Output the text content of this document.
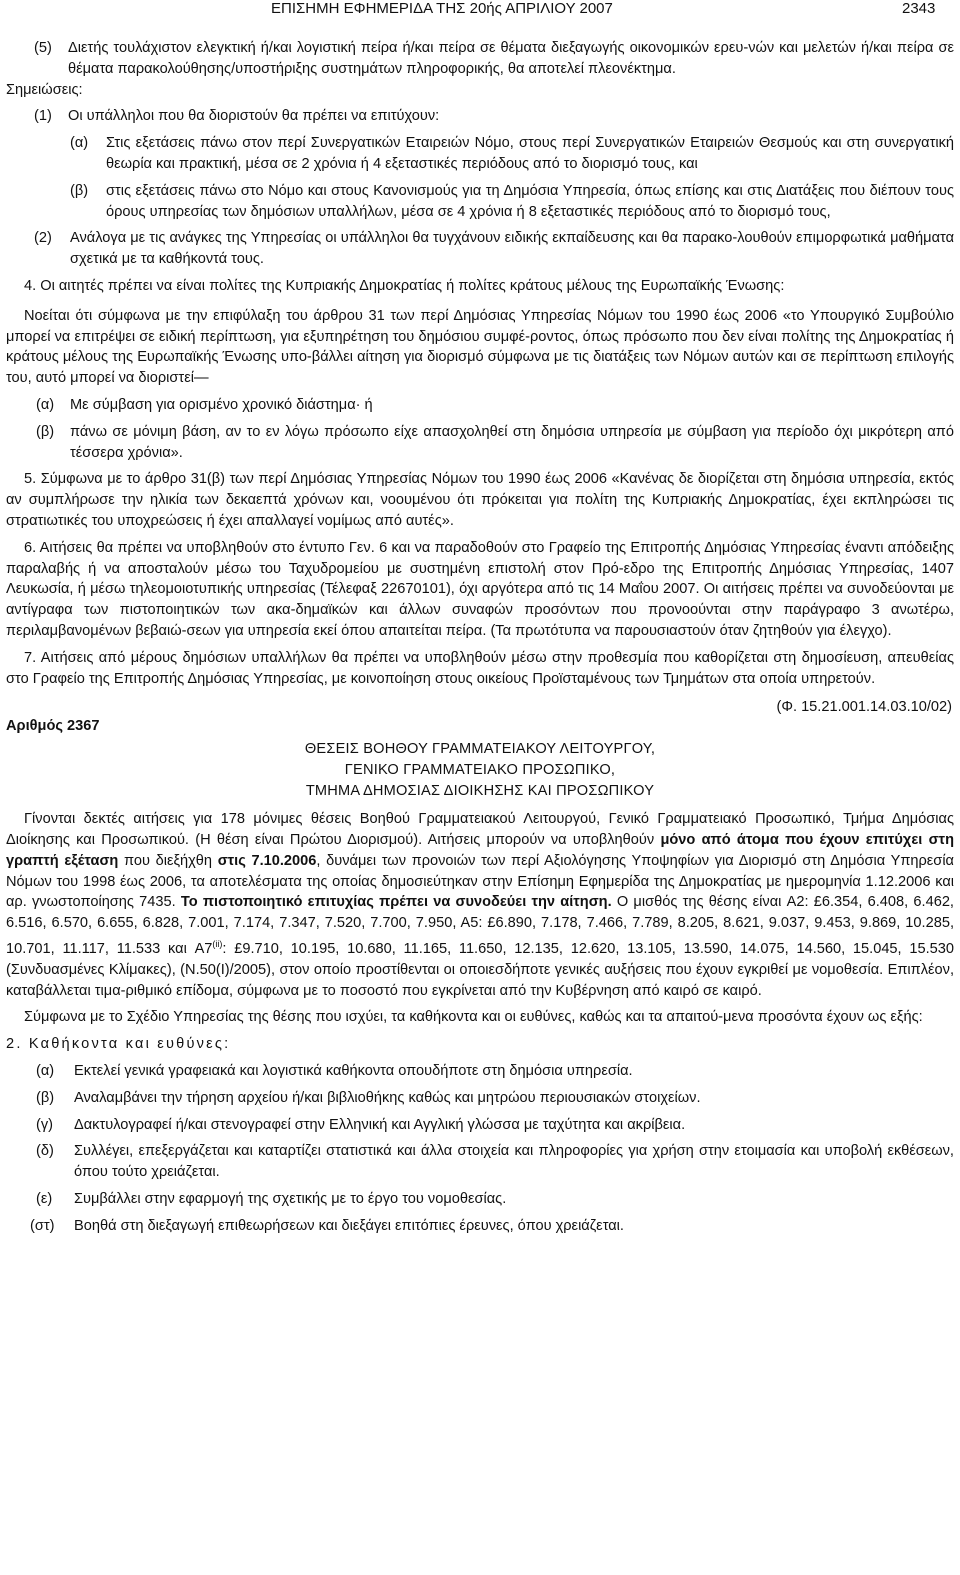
ΕΠΙΣΗΜΗ ΕΦΗΜΕΡΙΔΑ ΤΗΣ 20ής ΑΠΡΙΛΙΟΥ 2007	2343
(5)	Διετής τουλάχιστον ελεγκτική ή/και λογιστική πείρα ή/και πείρα σε θέματα διεξαγωγής οικονομικών ερευ-νών και μελετών ή/και πείρα σε θέματα παρακολούθησης/υποστήριξης συστημάτων πληροφορικής, θα αποτελεί πλεονέκτημα.

Σημειώσεις:

(1)	Οι υπάλληλοι που θα διοριστούν θα πρέπει να επιτύχουν:
(α)	Στις εξετάσεις πάνω στον περί Συνεργατικών Εταιρειών Νόμο, στους περί Συνεργατικών Εταιρειών Θεσμούς και στη συνεργατική θεωρία και πρακτική, μέσα σε 2 χρόνια ή 4 εξεταστικές περιόδους από το διορισμό τους, και
(β)	στις εξετάσεις πάνω στο Νόμο και στους Κανονισμούς για τη Δημόσια Υπηρεσία, όπως επίσης και στις Διατάξεις που διέπουν τους όρους υπηρεσίας των δημόσιων υπαλλήλων, μέσα σε 4 χρόνια ή 8 εξεταστικές περιόδους από το διορισμό τους,
(2)	Ανάλογα με τις ανάγκες της Υπηρεσίας οι υπάλληλοι θα τυγχάνουν ειδικής εκπαίδευσης και θα παρακο-λουθούν επιμορφωτικά μαθήματα σχετικά με τα καθήκοντά τους.

4. Οι αιτητές πρέπει να είναι πολίτες της Κυπριακής Δημοκρατίας ή πολίτες κράτους μέλους της Ευρωπαϊκής Ένωσης:

Νοείται ότι σύμφωνα με την επιφύλαξη του άρθρου 31 των περί Δημόσιας Υπηρεσίας Νόμων του 1990 έως 2006 «το Υπουργικό Συμβούλιο μπορεί να επιτρέψει σε ειδική περίπτωση, για εξυπηρέτηση του δημόσιου συμφέ-ροντος, όπως πρόσωπο που δεν είναι πολίτης της Δημοκρατίας ή κράτους μέλους της Ευρωπαϊκής Ένωσης υπο-βάλλει αίτηση για διορισμό σύμφωνα με τις διατάξεις των Νόμων αυτών και σε περίπτωση επιλογής του, αυτό μπορεί να διοριστεί—

(α)	Με σύμβαση για ορισμένο χρονικό διάστημα· ή
(β)	πάνω σε μόνιμη βάση, αν το εν λόγω πρόσωπο είχε απασχοληθεί στη δημόσια υπηρεσία με σύμβαση για περίοδο όχι μικρότερη από τέσσερα χρόνια».

5. Σύμφωνα με το άρθρο 31(β) των περί Δημόσιας Υπηρεσίας Νόμων του 1990 έως 2006 «Κανένας δε διορίζεται στη δημόσια υπηρεσία, εκτός αν συμπλήρωσε την ηλικία των δεκαεπτά χρόνων και, νοουμένου ότι πρόκειται για πολίτη της Κυπριακής Δημοκρατίας, έχει εκπληρώσει τις στρατιωτικές του υποχρεώσεις ή έχει απαλλαγεί νομίμως από αυτές».

6. Αιτήσεις θα πρέπει να υποβληθούν στο έντυπο Γεν. 6 και να παραδοθούν στο Γραφείο της Επιτροπής Δημόσιας Υπηρεσίας έναντι απόδειξης παραλαβής ή να αποσταλούν μέσω του Ταχυδρομείου με συστημένη επιστολή στον Πρό-εδρο της Επιτροπής Δημόσιας Υπηρεσίας, 1407 Λευκωσία, ή μέσω τηλεομοιοτυπικής υπηρεσίας (Τέλεφαξ 22670101), όχι αργότερα από τις 14 Μαΐου 2007. Οι αιτήσεις πρέπει να συνοδεύονται με αντίγραφα των πιστοποιητικών των ακα-δημαϊκών και άλλων συναφών προσόντων που προνοούνται στην παράγραφο 3 ανωτέρω, περιλαμβανομένων βεβαιώ-σεων για υπηρεσία εκεί όπου απαιτείται πείρα. (Τα πρωτότυπα να παρουσιαστούν όταν ζητηθούν για έλεγχο).

7. Αιτήσεις από μέρους δημόσιων υπαλλήλων θα πρέπει να υποβληθούν μέσω στην προθεσμία που καθορίζεται στη δημοσίευση, απευθείας στο Γραφείο της Επιτροπής Δημόσιας Υπηρεσίας, με κοινοποίηση στους οικείους Προϊσταμένους των Τμημάτων στα οποία υπηρετούν.

(Φ. 15.21.001.14.03.10/02)

Αριθμός 2367

ΘΕΣΕΙΣ ΒΟΗΘΟΥ ΓΡΑΜΜΑΤΕΙΑΚΟΥ ΛΕΙΤΟΥΡΓΟΥ,

ΓΕΝΙΚΟ ΓΡΑΜΜΑΤΕΙΑΚΟ ΠΡΟΣΩΠΙΚΟ,

ΤΜΗΜΑ ΔΗΜΟΣΙΑΣ ΔΙΟΙΚΗΣΗΣ ΚΑΙ ΠΡΟΣΩΠΙΚΟΥ

Γίνονται δεκτές αιτήσεις για 178 μόνιμες θέσεις Βοηθού Γραμματειακού Λειτουργού, Γενικό Γραμματειακό Προσωπικό, Τμήμα Δημόσιας Διοίκησης και Προσωπικού. (Η θέση είναι Πρώτου Διορισμού). Αιτήσεις μπορούν να υποβληθούν μόνο από άτομα που έχουν επιτύχει στη γραπτή εξέταση που διεξήχθη στις 7.10.2006, δυνάμει των προνοιών των περί Αξιολόγησης Υποψηφίων για Διορισμό στη Δημόσια Υπηρεσία Νόμων του 1998 έως 2006, τα αποτελέσματα της οποίας δημοσιεύτηκαν στην Επίσημη Εφημερίδα της Δημοκρατίας με ημερομηνία 1.12.2006 και αρ. γνωστοποίησης 7435. Το πιστοποιητικό επιτυχίας πρέπει να συνοδεύει την αίτηση. Ο μισθός της θέσης είναι A2: £6.354, 6.408, 6.462, 6.516, 6.570, 6.655, 6.828, 7.001, 7.174, 7.347, 7.520, 7.700, 7.950, A5: £6.890, 7.178, 7.466, 7.789, 8.205, 8.621, 9.037, 9.453, 9.869, 10.285, 10.701, 11.117, 11.533 και A7$^{(ii)}$: £9.710, 10.195, 10.680, 11.165, 11.650, 12.135, 12.620, 13.105, 13.590, 14.075, 14.560, 15.045, 15.530 (Συνδυασμένες Κλίμακες), (Ν.50(I)/2005), στον οποίο προστίθενται οι οποιεσδήποτε γενικές αυξήσεις που έχουν εγκριθεί με νομοθεσία. Επιπλέον, καταβάλλεται τιμα-ριθμικό επίδομα, σύμφωνα με το ποσοστό που εγκρίνεται από την Κυβέρνηση από καιρό σε καιρό.

Σύμφωνα με το Σχέδιο Υπηρεσίας της θέσης που ισχύει, τα καθήκοντα και οι ευθύνες, καθώς και τα απαιτού-μενα προσόντα έχουν ως εξής:

2. Καθήκοντα και ευθύνες:

(α)	Εκτελεί γενικά γραφειακά και λογιστικά καθήκοντα οπουδήποτε στη δημόσια υπηρεσία.
(β)	Αναλαμβάνει την τήρηση αρχείου ή/και βιβλιοθήκης καθώς και μητρώου περιουσιακών στοιχείων.
(γ)	Δακτυλογραφεί ή/και στενογραφεί στην Ελληνική και Αγγλική γλώσσα με ταχύτητα και ακρίβεια.
(δ)	Συλλέγει, επεξεργάζεται και καταρτίζει στατιστικά και άλλα στοιχεία και πληροφορίες για χρήση στην ετοιμασία και υποβολή εκθέσεων, όπου τούτο χρειάζεται.
(ε)	Συμβάλλει στην εφαρμογή της σχετικής με το έργο του νομοθεσίας.
(στ)	Βοηθά στη διεξαγωγή επιθεωρήσεων και διεξάγει επιτόπιες έρευνες, όπου χρειάζεται.
